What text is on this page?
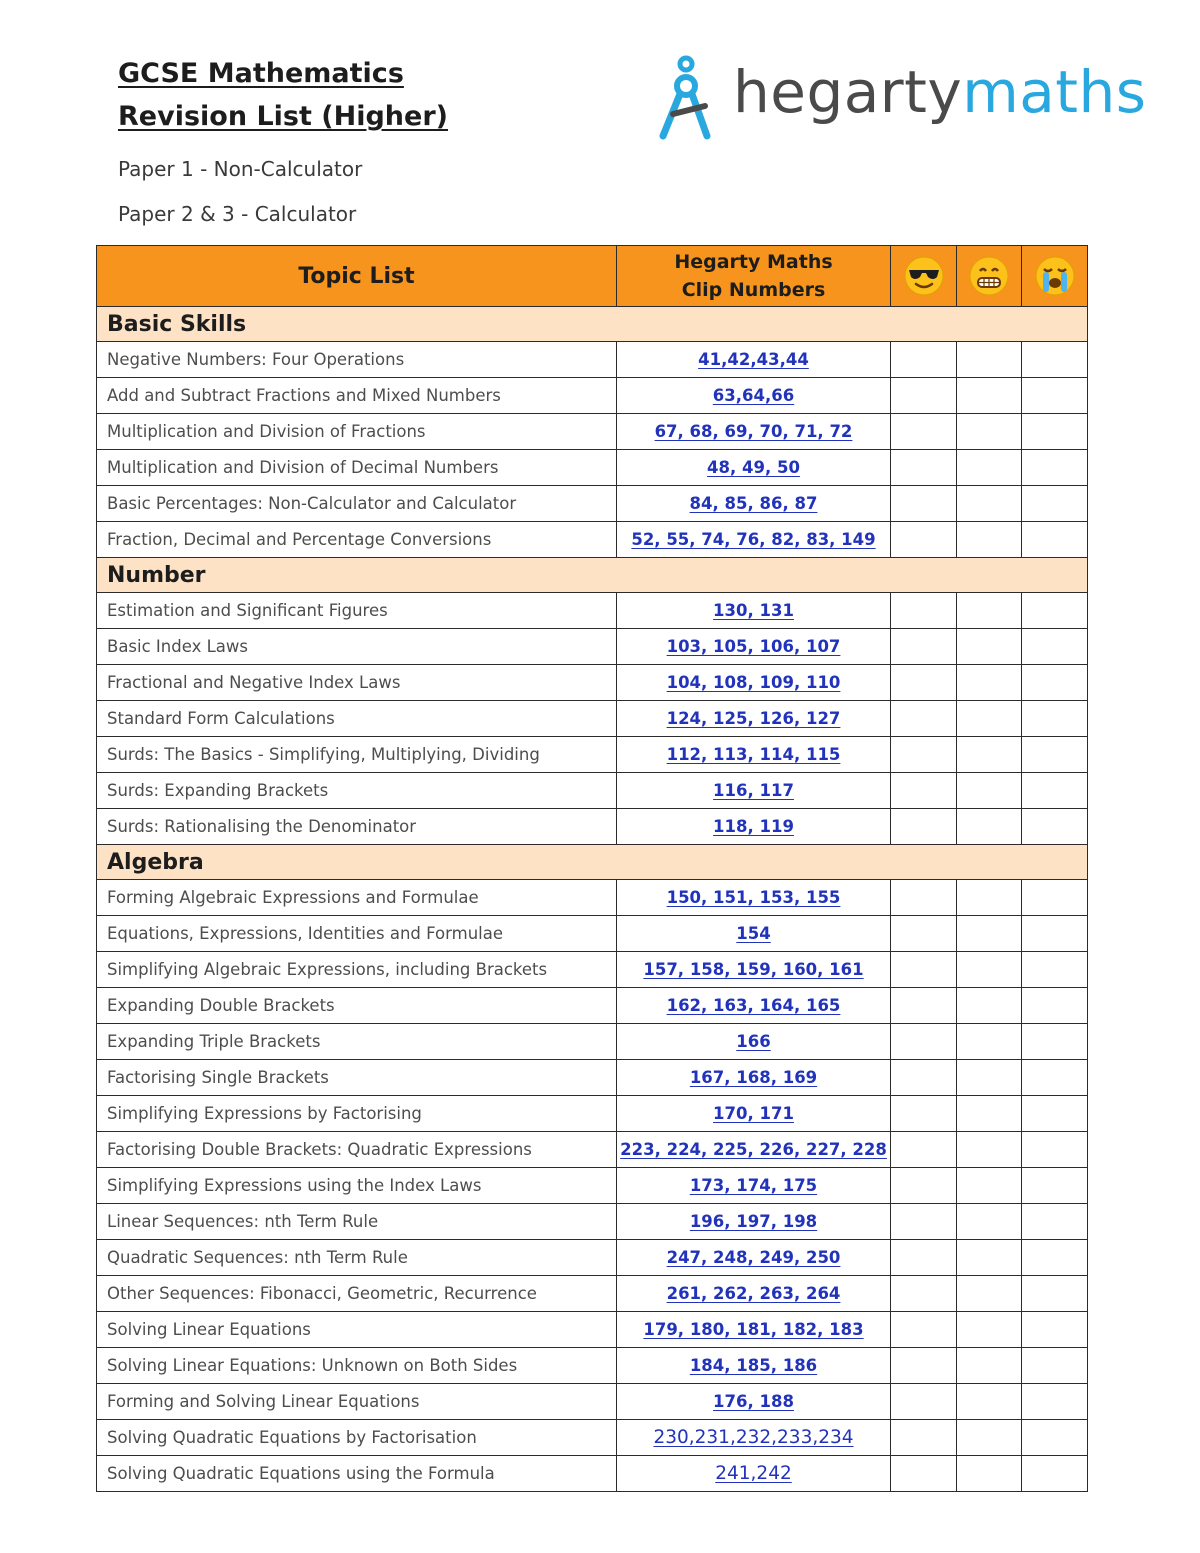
GCSE Mathematics
Revision List (Higher)

Paper 1 - Non-Calculator

Paper 2 & 3 - Calculator

hegartymaths
Topic List	Hegarty Maths
Clip Numbers

Basic Skills				
Negative Numbers: Four Operations	41,42,43,44			
Add and Subtract Fractions and Mixed Numbers	63,64,66			
Multiplication and Division of Fractions	67, 68, 69, 70, 71, 72			
Multiplication and Division of Decimal Numbers	48, 49, 50			
Basic Percentages: Non-Calculator and Calculator	84, 85, 86, 87			
Fraction, Decimal and Percentage Conversions	52, 55, 74, 76, 82, 83, 149			
Number				
Estimation and Significant Figures	130, 131			
Basic Index Laws	103, 105, 106, 107			
Fractional and Negative Index Laws	104, 108, 109, 110			
Standard Form Calculations	124, 125, 126, 127			
Surds: The Basics - Simplifying, Multiplying, Dividing	112, 113, 114, 115			
Surds: Expanding Brackets	116, 117			
Surds: Rationalising the Denominator	118, 119			
Algebra				
Forming Algebraic Expressions and Formulae	150, 151, 153, 155			
Equations, Expressions, Identities and Formulae	154			
Simplifying Algebraic Expressions, including Brackets	157, 158, 159, 160, 161			
Expanding Double Brackets	162, 163, 164, 165			
Expanding Triple Brackets	166			
Factorising Single Brackets	167, 168, 169			
Simplifying Expressions by Factorising	170, 171			
Factorising Double Brackets: Quadratic Expressions	223, 224, 225, 226, 227, 228			
Simplifying Expressions using the Index Laws	173, 174, 175			
Linear Sequences: nth Term Rule	196, 197, 198			
Quadratic Sequences: nth Term Rule	247, 248, 249, 250			
Other Sequences: Fibonacci, Geometric, Recurrence	261, 262, 263, 264			
Solving Linear Equations	179, 180, 181, 182, 183			
Solving Linear Equations: Unknown on Both Sides	184, 185, 186			
Forming and Solving Linear Equations	176, 188			
Solving Quadratic Equations by Factorisation	230,231,232,233,234			
Solving Quadratic Equations using the Formula	241,242			
